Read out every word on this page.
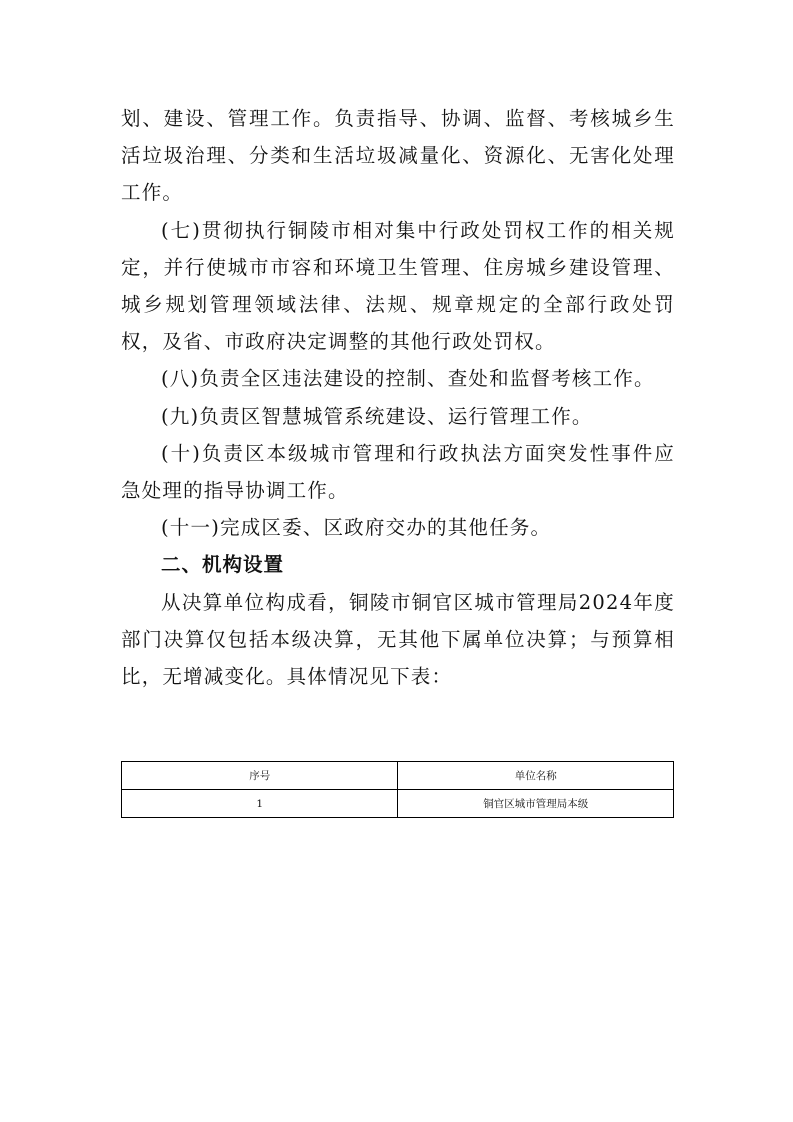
划、建设、管理工作。负责指导、协调、监督、考核城乡生活垃圾治理、分类和生活垃圾减量化、资源化、无害化处理工作。

(七)贯彻执行铜陵市相对集中行政处罚权工作的相关规定，并行使城市市容和环境卫生管理、住房城乡建设管理、城乡规划管理领域法律、法规、规章规定的全部行政处罚权，及省、市政府决定调整的其他行政处罚权。

(八)负责全区违法建设的控制、查处和监督考核工作。

(九)负责区智慧城管系统建设、运行管理工作。

(十)负责区本级城市管理和行政执法方面突发性事件应急处理的指导协调工作。

(十一)完成区委、区政府交办的其他任务。

二、机构设置

从决算单位构成看，铜陵市铜官区城市管理局2024年度部门决算仅包括本级决算，无其他下属单位决算；与预算相比，无增减变化。具体情况见下表：

序号	单位名称
1	铜官区城市管理局本级
